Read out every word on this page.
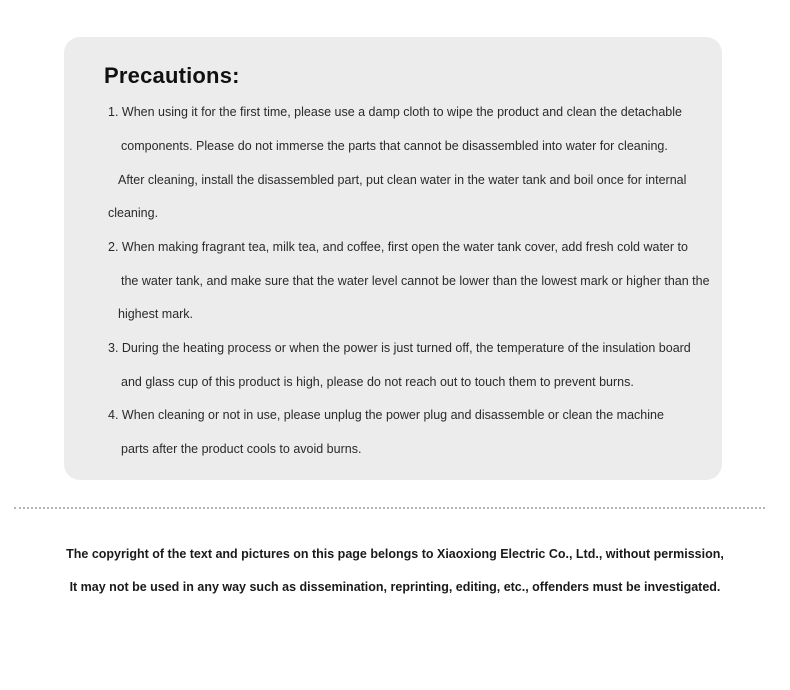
Precautions:
1. When using it for the first time, please use a damp cloth to wipe the product and clean the detachable
components. Please do not immerse the parts that cannot be disassembled into water for cleaning.
After cleaning, install the disassembled part, put clean water in the water tank and boil once for internal
cleaning.
2. When making fragrant tea, milk tea, and coffee, first open the water tank cover, add fresh cold water to
the water tank, and make sure that the water level cannot be lower than the lowest mark or higher than the
highest mark.
3. During the heating process or when the power is just turned off, the temperature of the insulation board
and glass cup of this product is high, please do not reach out to touch them to prevent burns.
4. When cleaning or not in use, please unplug the power plug and disassemble or clean the machine
parts after the product cools to avoid burns.

The copyright of the text and pictures on this page belongs to Xiaoxiong Electric Co., Ltd., without permission,

It may not be used in any way such as dissemination, reprinting, editing, etc., offenders must be investigated.
